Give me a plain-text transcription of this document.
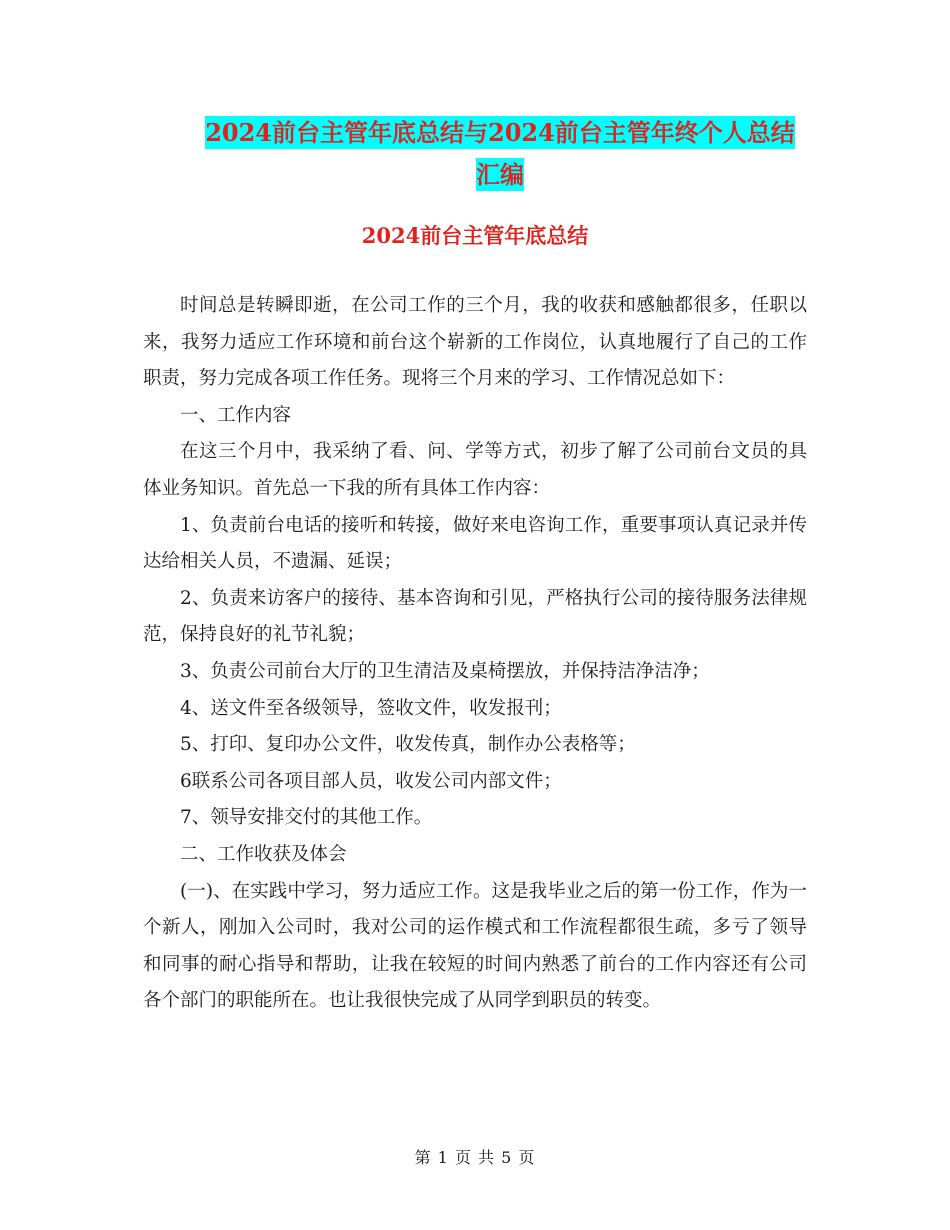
2024前台主管年底总结与2024前台主管年终个人总结
汇编
2024前台主管年底总结

时间总是转瞬即逝，在公司工作的三个月，我的收获和感触都很多，任职以来，我努力适应工作环境和前台这个崭新的工作岗位，认真地履行了自己的工作职责，努力完成各项工作任务。现将三个月来的学习、工作情况总如下：

一、工作内容

在这三个月中，我采纳了看、问、学等方式，初步了解了公司前台文员的具体业务知识。首先总一下我的所有具体工作内容：

1、负责前台电话的接听和转接，做好来电咨询工作，重要事项认真记录并传达给相关人员，不遗漏、延误；

2、负责来访客户的接待、基本咨询和引见，严格执行公司的接待服务法律规范，保持良好的礼节礼貌；

3、负责公司前台大厅的卫生清洁及桌椅摆放，并保持洁净洁净；

4、送文件至各级领导，签收文件，收发报刊；

5、打印、复印办公文件，收发传真，制作办公表格等；

6联系公司各项目部人员，收发公司内部文件；

7、领导安排交付的其他工作。

二、工作收获及体会

(一)、在实践中学习，努力适应工作。这是我毕业之后的第一份工作，作为一个新人，刚加入公司时，我对公司的运作模式和工作流程都很生疏，多亏了领导和同事的耐心指导和帮助，让我在较短的时间内熟悉了前台的工作内容还有公司各个部门的职能所在。也让我很快完成了从同学到职员的转变。

第 1 页 共 5 页
